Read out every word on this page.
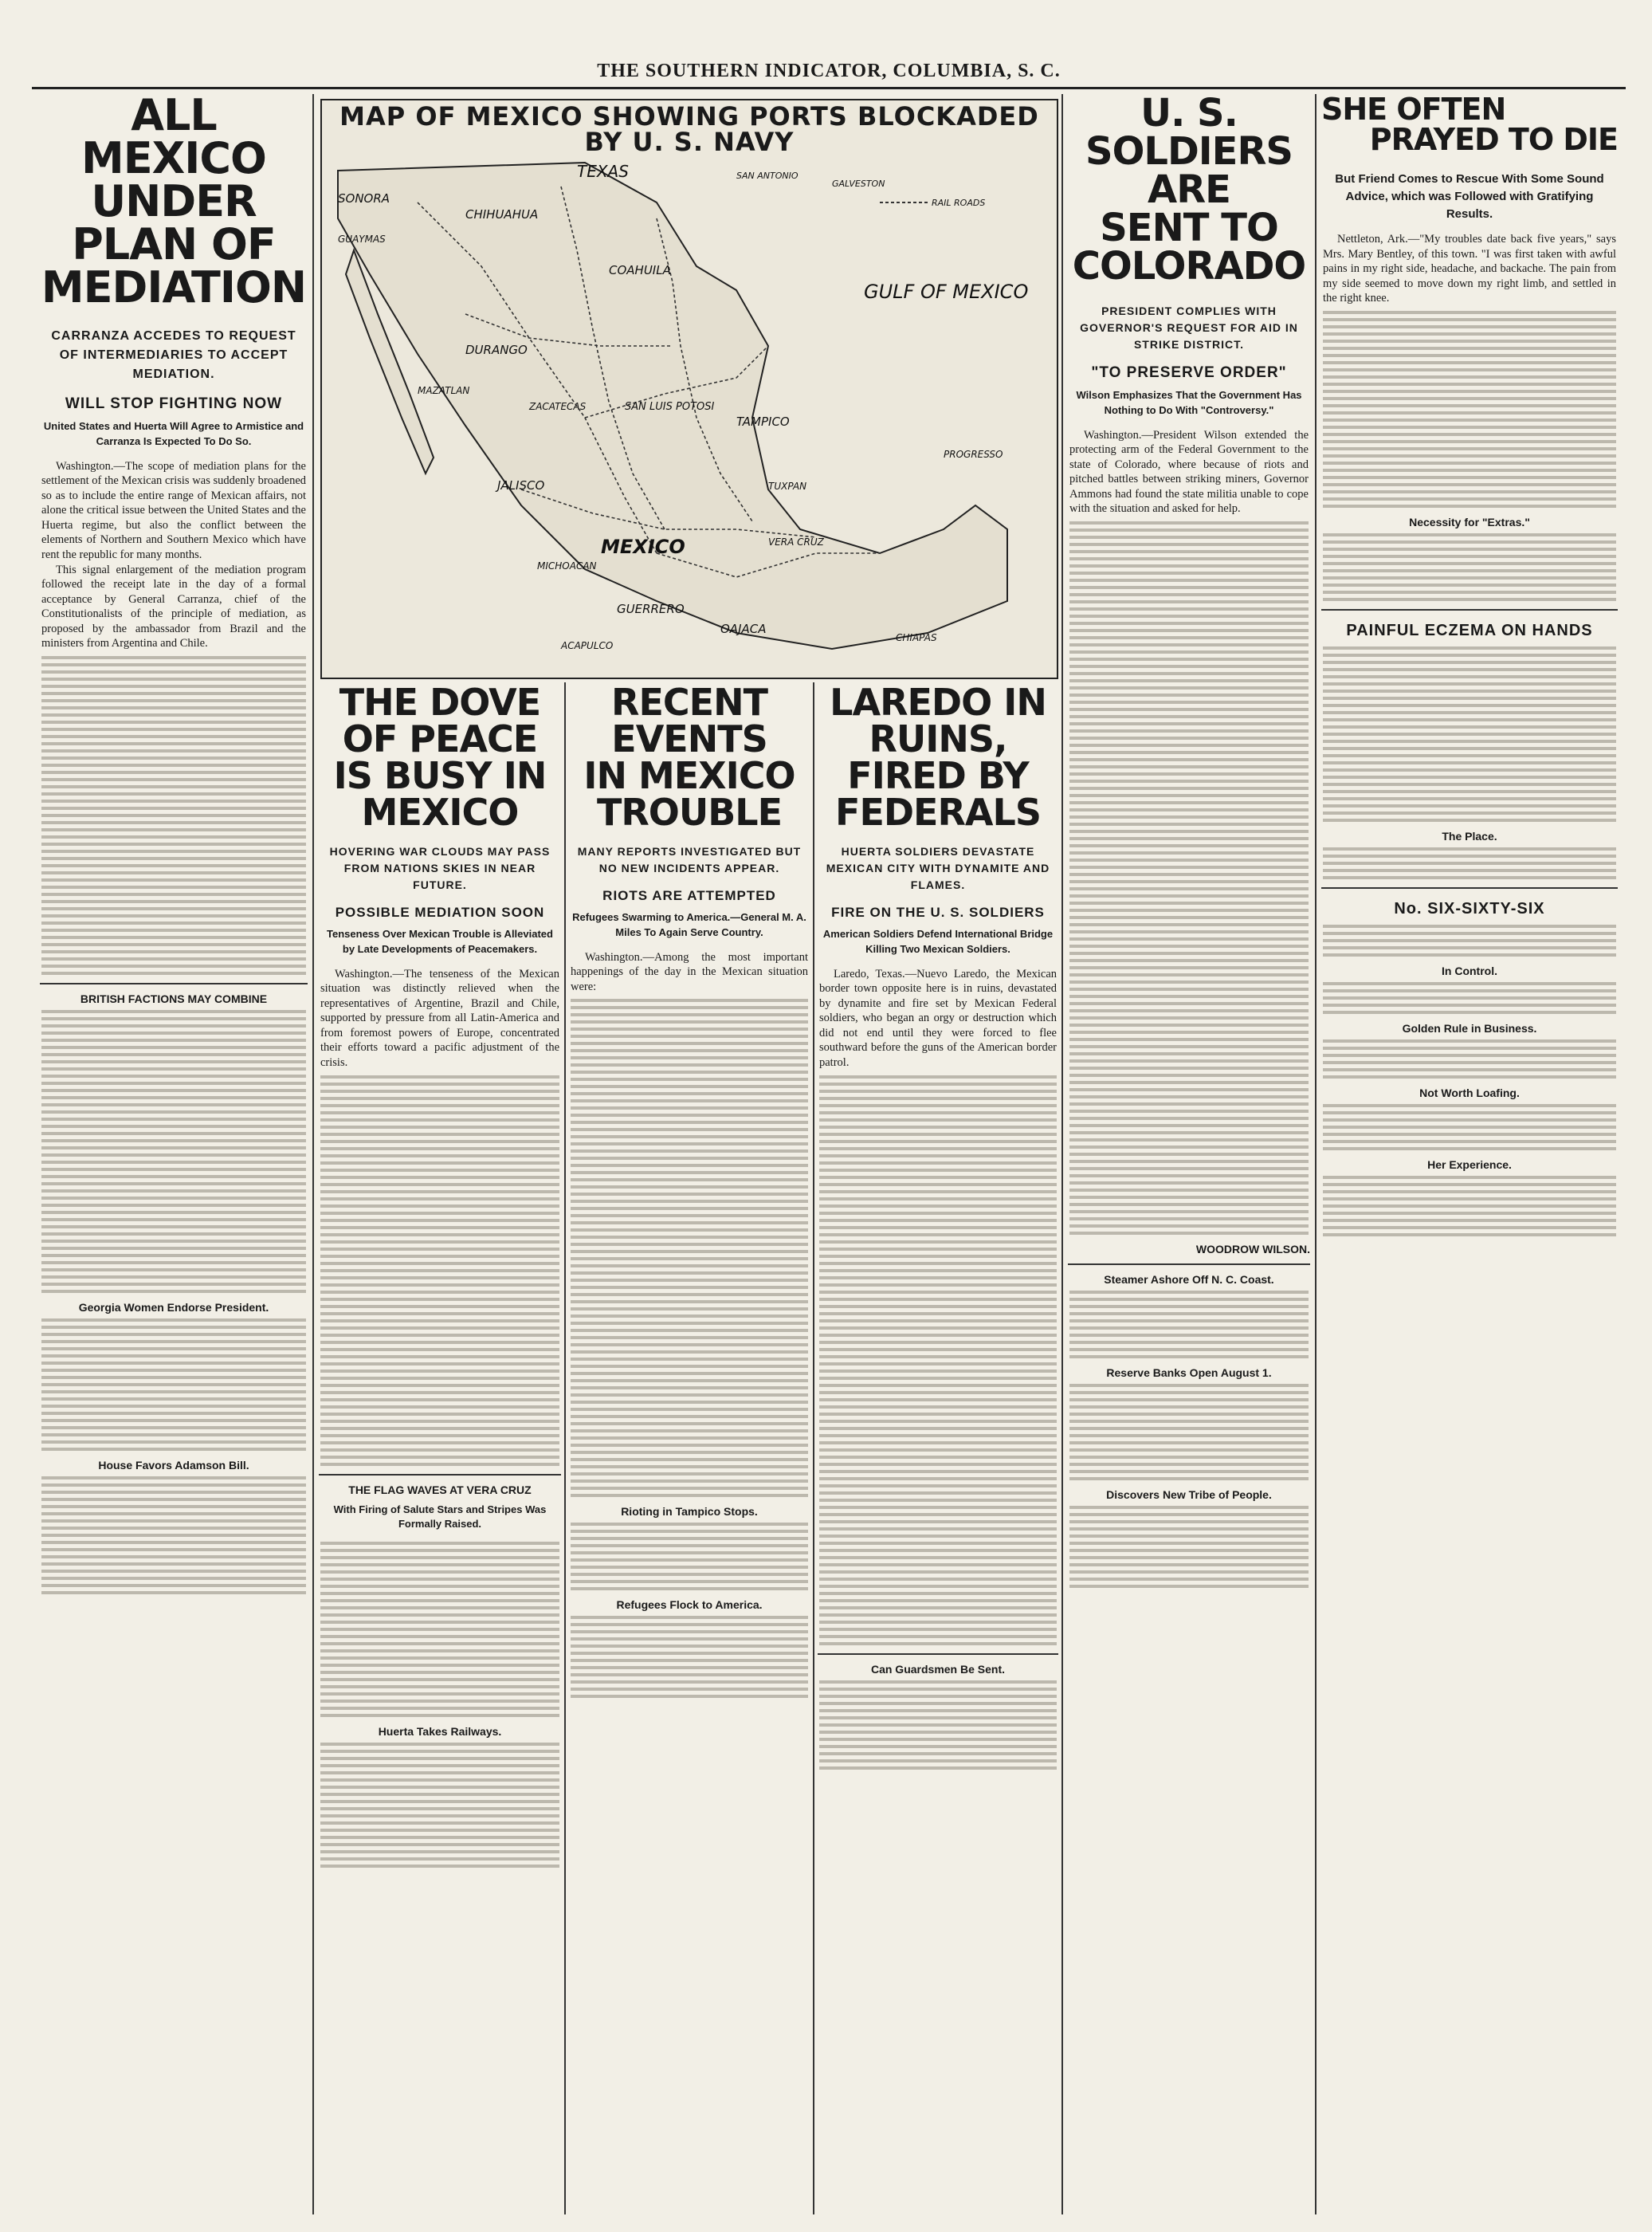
THE SOUTHERN INDICATOR, COLUMBIA, S. C.
ALL MEXICO UNDER
PLAN OF MEDIATION
CARRANZA ACCEDES TO REQUEST OF INTERMEDIARIES TO ACCEPT MEDIATION.
WILL STOP FIGHTING NOW
United States and Huerta Will Agree to Armistice and Carranza Is Expected To Do So.
Washington.—The scope of mediation plans for the settlement of the Mexican crisis was suddenly broadened so as to include the entire range of Mexican affairs, not alone the critical issue between the United States and the Huerta regime, but also the conflict between the elements of Northern and Southern Mexico which have rent the republic for many months.
This signal enlargement of the mediation program followed the receipt late in the day of a formal acceptance by General Carranza, chief of the Constitutionalists of the principle of mediation, as proposed by the ambassador from Brazil and the ministers from Argentina and Chile.
BRITISH FACTIONS MAY COMBINE
Georgia Women Endorse President.
House Favors Adamson Bill.
MAP OF MEXICO SHOWING PORTS BLOCKADED BY U. S. NAVY
RAIL ROADS
TEXAS
SONORA
CHIHUAHUA
SAN ANTONIO
GALVESTON
COAHUILA
GULF OF MEXICO
DURANGO
ZACATECAS	SAN LUIS POTOSI
TAMPICO
JALISCO
MEXICO	VERA CRUZ
OAJACA
GUERRERO
CHIAPAS
MICHOACAN
ACAPULCO
TUXPAN
PROGRESSO
MAZATLAN
GUAYMAS
THE DOVE OF PEACE
IS BUSY IN MEXICO
HOVERING WAR CLOUDS MAY PASS FROM NATIONS SKIES IN NEAR FUTURE.
POSSIBLE MEDIATION SOON
Tenseness Over Mexican Trouble is Alleviated by Late Developments of Peacemakers.
Washington.—The tenseness of the Mexican situation was distinctly relieved when the representatives of Argentine, Brazil and Chile, supported by pressure from all Latin-America and from foremost powers of Europe, concentrated their efforts toward a pacific adjustment of the crisis.
THE FLAG WAVES AT VERA CRUZ
With Firing of Salute Stars and Stripes Was Formally Raised.
Huerta Takes Railways.
RECENT EVENTS
IN MEXICO TROUBLE
MANY REPORTS INVESTIGATED BUT NO NEW INCIDENTS APPEAR.
RIOTS ARE ATTEMPTED
Refugees Swarming to America.—General M. A. Miles To Again Serve Country.
Washington.—Among the most important happenings of the day in the Mexican situation were:
Rioting in Tampico Stops.
Refugees Flock to America.
LAREDO IN RUINS,
FIRED BY FEDERALS
HUERTA SOLDIERS DEVASTATE MEXICAN CITY WITH DYNAMITE AND FLAMES.
FIRE ON THE U. S. SOLDIERS
American Soldiers Defend International Bridge Killing Two Mexican Soldiers.
Laredo, Texas.—Nuevo Laredo, the Mexican border town opposite here is in ruins, devastated by dynamite and fire set by Mexican Federal soldiers, who began an orgy or destruction which did not end until they were forced to flee southward before the guns of the American border patrol.
Can Guardsmen Be Sent.
U. S. SOLDIERS ARE
SENT TO COLORADO
PRESIDENT COMPLIES WITH GOVERNOR'S REQUEST FOR AID IN STRIKE DISTRICT.
"TO PRESERVE ORDER"
Wilson Emphasizes That the Government Has Nothing to Do With "Controversy."
Washington.—President Wilson extended the protecting arm of the Federal Government to the state of Colorado, where because of riots and pitched battles between striking miners, Governor Ammons had found the state militia unable to cope with the situation and asked for help.
WOODROW WILSON.
Steamer Ashore Off N. C. Coast.
Reserve Banks Open August 1.
Discovers New Tribe of People.
SHE OFTEN
PRAYED TO DIE
But Friend Comes to Rescue With Some Sound Advice, which was Followed with Gratifying Results.
Nettleton, Ark.—"My troubles date back five years," says Mrs. Mary Bentley, of this town. "I was first taken with awful pains in my right side, headache, and backache. The pain from my side seemed to move down my right limb, and settled in the right knee.
Necessity for "Extras."
PAINFUL ECZEMA ON HANDS
The Place.
No. SIX-SIXTY-SIX
In Control.
Golden Rule in Business.
Not Worth Loafing.
Her Experience.
